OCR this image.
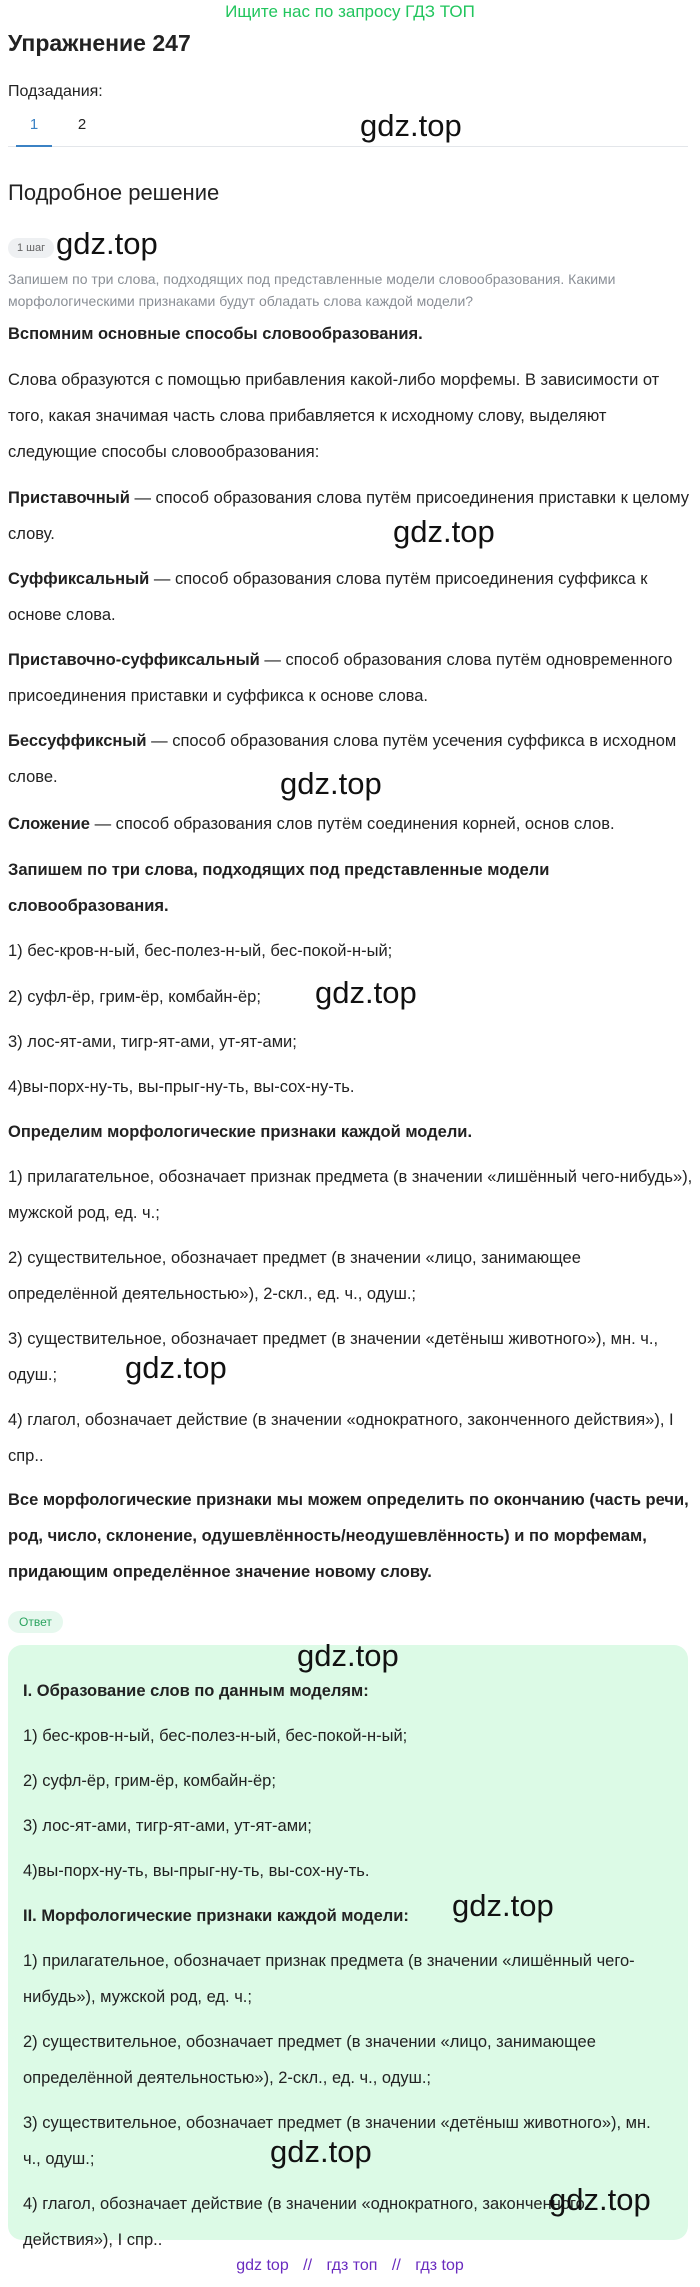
Ищите нас по запросу ГДЗ ТОП
Упражнение 247
Подзадания:
1	2
Подробное решение
1 шаг
Запишем по три слова, подходящих под представленные модели словообразования. Какими морфологическими признаками будут обладать слова каждой модели?
Вспомним основные способы словообразования.
Слова образуются с помощью прибавления какой-либо морфемы. В зависимости от того, какая значимая часть слова прибавляется к исходному слову, выделяют следующие способы словообразования:
Приставочный — способ образования слова путём присоединения приставки к целому слову.
Суффиксальный — способ образования слова путём присоединения суффикса к основе слова.
Приставочно-суффиксальный — способ образования слова путём одновременного присоединения приставки и суффикса к основе слова.
Бессуффиксный — способ образования слова путём усечения суффикса в исходном слове.
Сложение — способ образования слов путём соединения корней, основ слов.
Запишем по три слова, подходящих под представленные модели словообразования.
1) бес-кров-н-ый, бес-полез-н-ый, бес-покой-н-ый;
2) суфл-ёр, грим-ёр, комбайн-ёр;
3) лос-ят-ами, тигр-ят-ами, ут-ят-ами;
4)вы-порх-ну-ть, вы-прыг-ну-ть, вы-сох-ну-ть.
Определим морфологические признаки каждой модели.
1) прилагательное, обозначает признак предмета (в значении «лишённый чего-нибудь»), мужской род, ед. ч.;
2) существительное, обозначает предмет (в значении «лицо, занимающее определённой деятельностью»), 2-скл., ед. ч., одуш.;
3) существительное, обозначает предмет (в значении «детёныш животного»), мн. ч., одуш.;
4) глагол, обозначает действие (в значении «однократного, законченного действия»), I спр..
Все морфологические признаки мы можем определить по окончанию (часть речи, род, число, склонение, одушевлённость/неодушевлённость) и по морфемам, придающим определённое значение новому слову.
Ответ
I. Образование слов по данным моделям:
1) бес-кров-н-ый, бес-полез-н-ый, бес-покой-н-ый;
2) суфл-ёр, грим-ёр, комбайн-ёр;
3) лос-ят-ами, тигр-ят-ами, ут-ят-ами;
4)вы-порх-ну-ть, вы-прыг-ну-ть, вы-сох-ну-ть.
II. Морфологические признаки каждой модели:
1) прилагательное, обозначает признак предмета (в значении «лишённый чего-нибудь»), мужской род, ед. ч.;
2) существительное, обозначает предмет (в значении «лицо, занимающее определённой деятельностью»), 2-скл., ед. ч., одуш.;
3) существительное, обозначает предмет (в значении «детёныш животного»), мн. ч., одуш.;
4) глагол, обозначает действие (в значении «однократного, законченного действия»), I спр..
gdz.top
gdz.top
gdz.top
gdz.top
gdz.top
gdz.top
gdz.top
gdz.top
gdz.top
gdz.top
gdz top // гдз топ // гдз top
